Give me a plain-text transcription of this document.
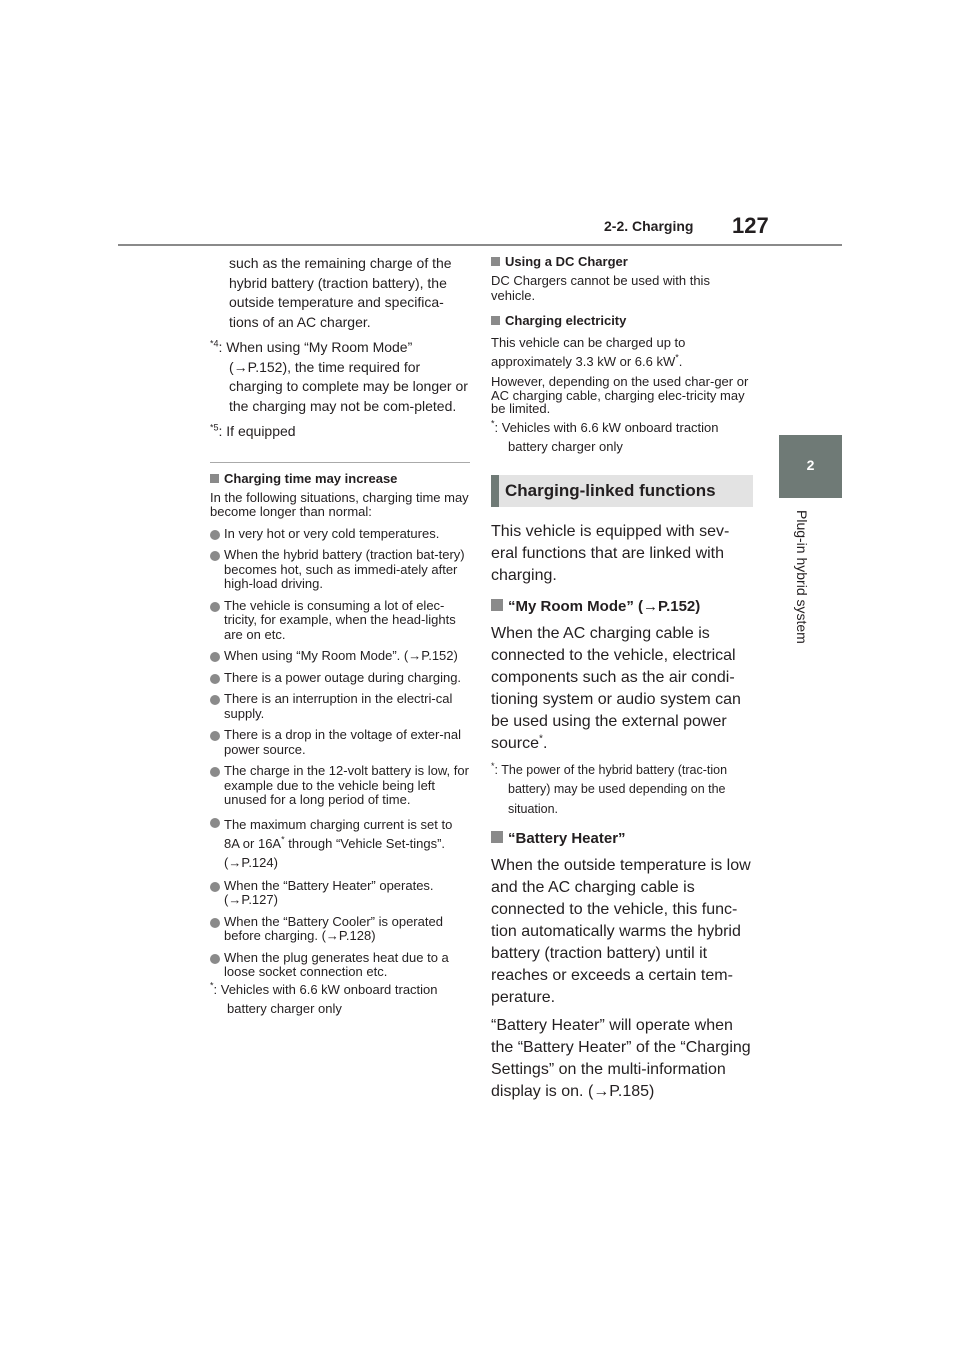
2-2. Charging 127
2
Plug-in hybrid system

such as the remaining charge of the hybrid battery (traction battery), the outside temperature and specifica-tions of an AC charger.

$^{*4}$: When using “My Room Mode” (→P.152), the time required for charging to complete may be longer or the charging may not be com-pleted.

$^{*5}$: If equipped

Charging time may increase

In the following situations, charging time may become longer than normal:

In very hot or very cold temperatures.
When the hybrid battery (traction bat-tery) becomes hot, such as immedi-ately after high-load driving.
The vehicle is consuming a lot of elec-tricity, for example, when the head-lights are on etc.
When using “My Room Mode”. (→P.152)
There is a power outage during charging.
There is an interruption in the electri-cal supply.
There is a drop in the voltage of exter-nal power source.
The charge in the 12-volt battery is low, for example due to the vehicle being left unused for a long period of time.
The maximum charging current is set to 8A or 16A* through “Vehicle Set-tings”. (→P.124)
When the “Battery Heater” operates. (→P.127)
When the “Battery Cooler” is operated before charging. (→P.128)
When the plug generates heat due to a loose socket connection etc.

*: Vehicles with 6.6 kW onboard traction battery charger only

Using a DC Charger

DC Chargers cannot be used with this vehicle.

Charging electricity

This vehicle can be charged up to approximately 3.3 kW or 6.6 kW*.

However, depending on the used char-ger or AC charging cable, charging elec-tricity may be limited.

*: Vehicles with 6.6 kW onboard traction battery charger only

Charging-linked functions

This vehicle is equipped with sev-eral functions that are linked with charging.

“My Room Mode” (→P.152)

When the AC charging cable is connected to the vehicle, electrical components such as the air condi-tioning system or audio system can be used using the external power source*.

*: The power of the hybrid battery (trac-tion battery) may be used depending on the situation.

“Battery Heater”

When the outside temperature is low and the AC charging cable is connected to the vehicle, this func-tion automatically warms the hybrid battery (traction battery) until it reaches or exceeds a certain tem-perature.

“Battery Heater” will operate when the “Battery Heater” of the “Charging Settings” on the multi-information display is on. (→P.185)
